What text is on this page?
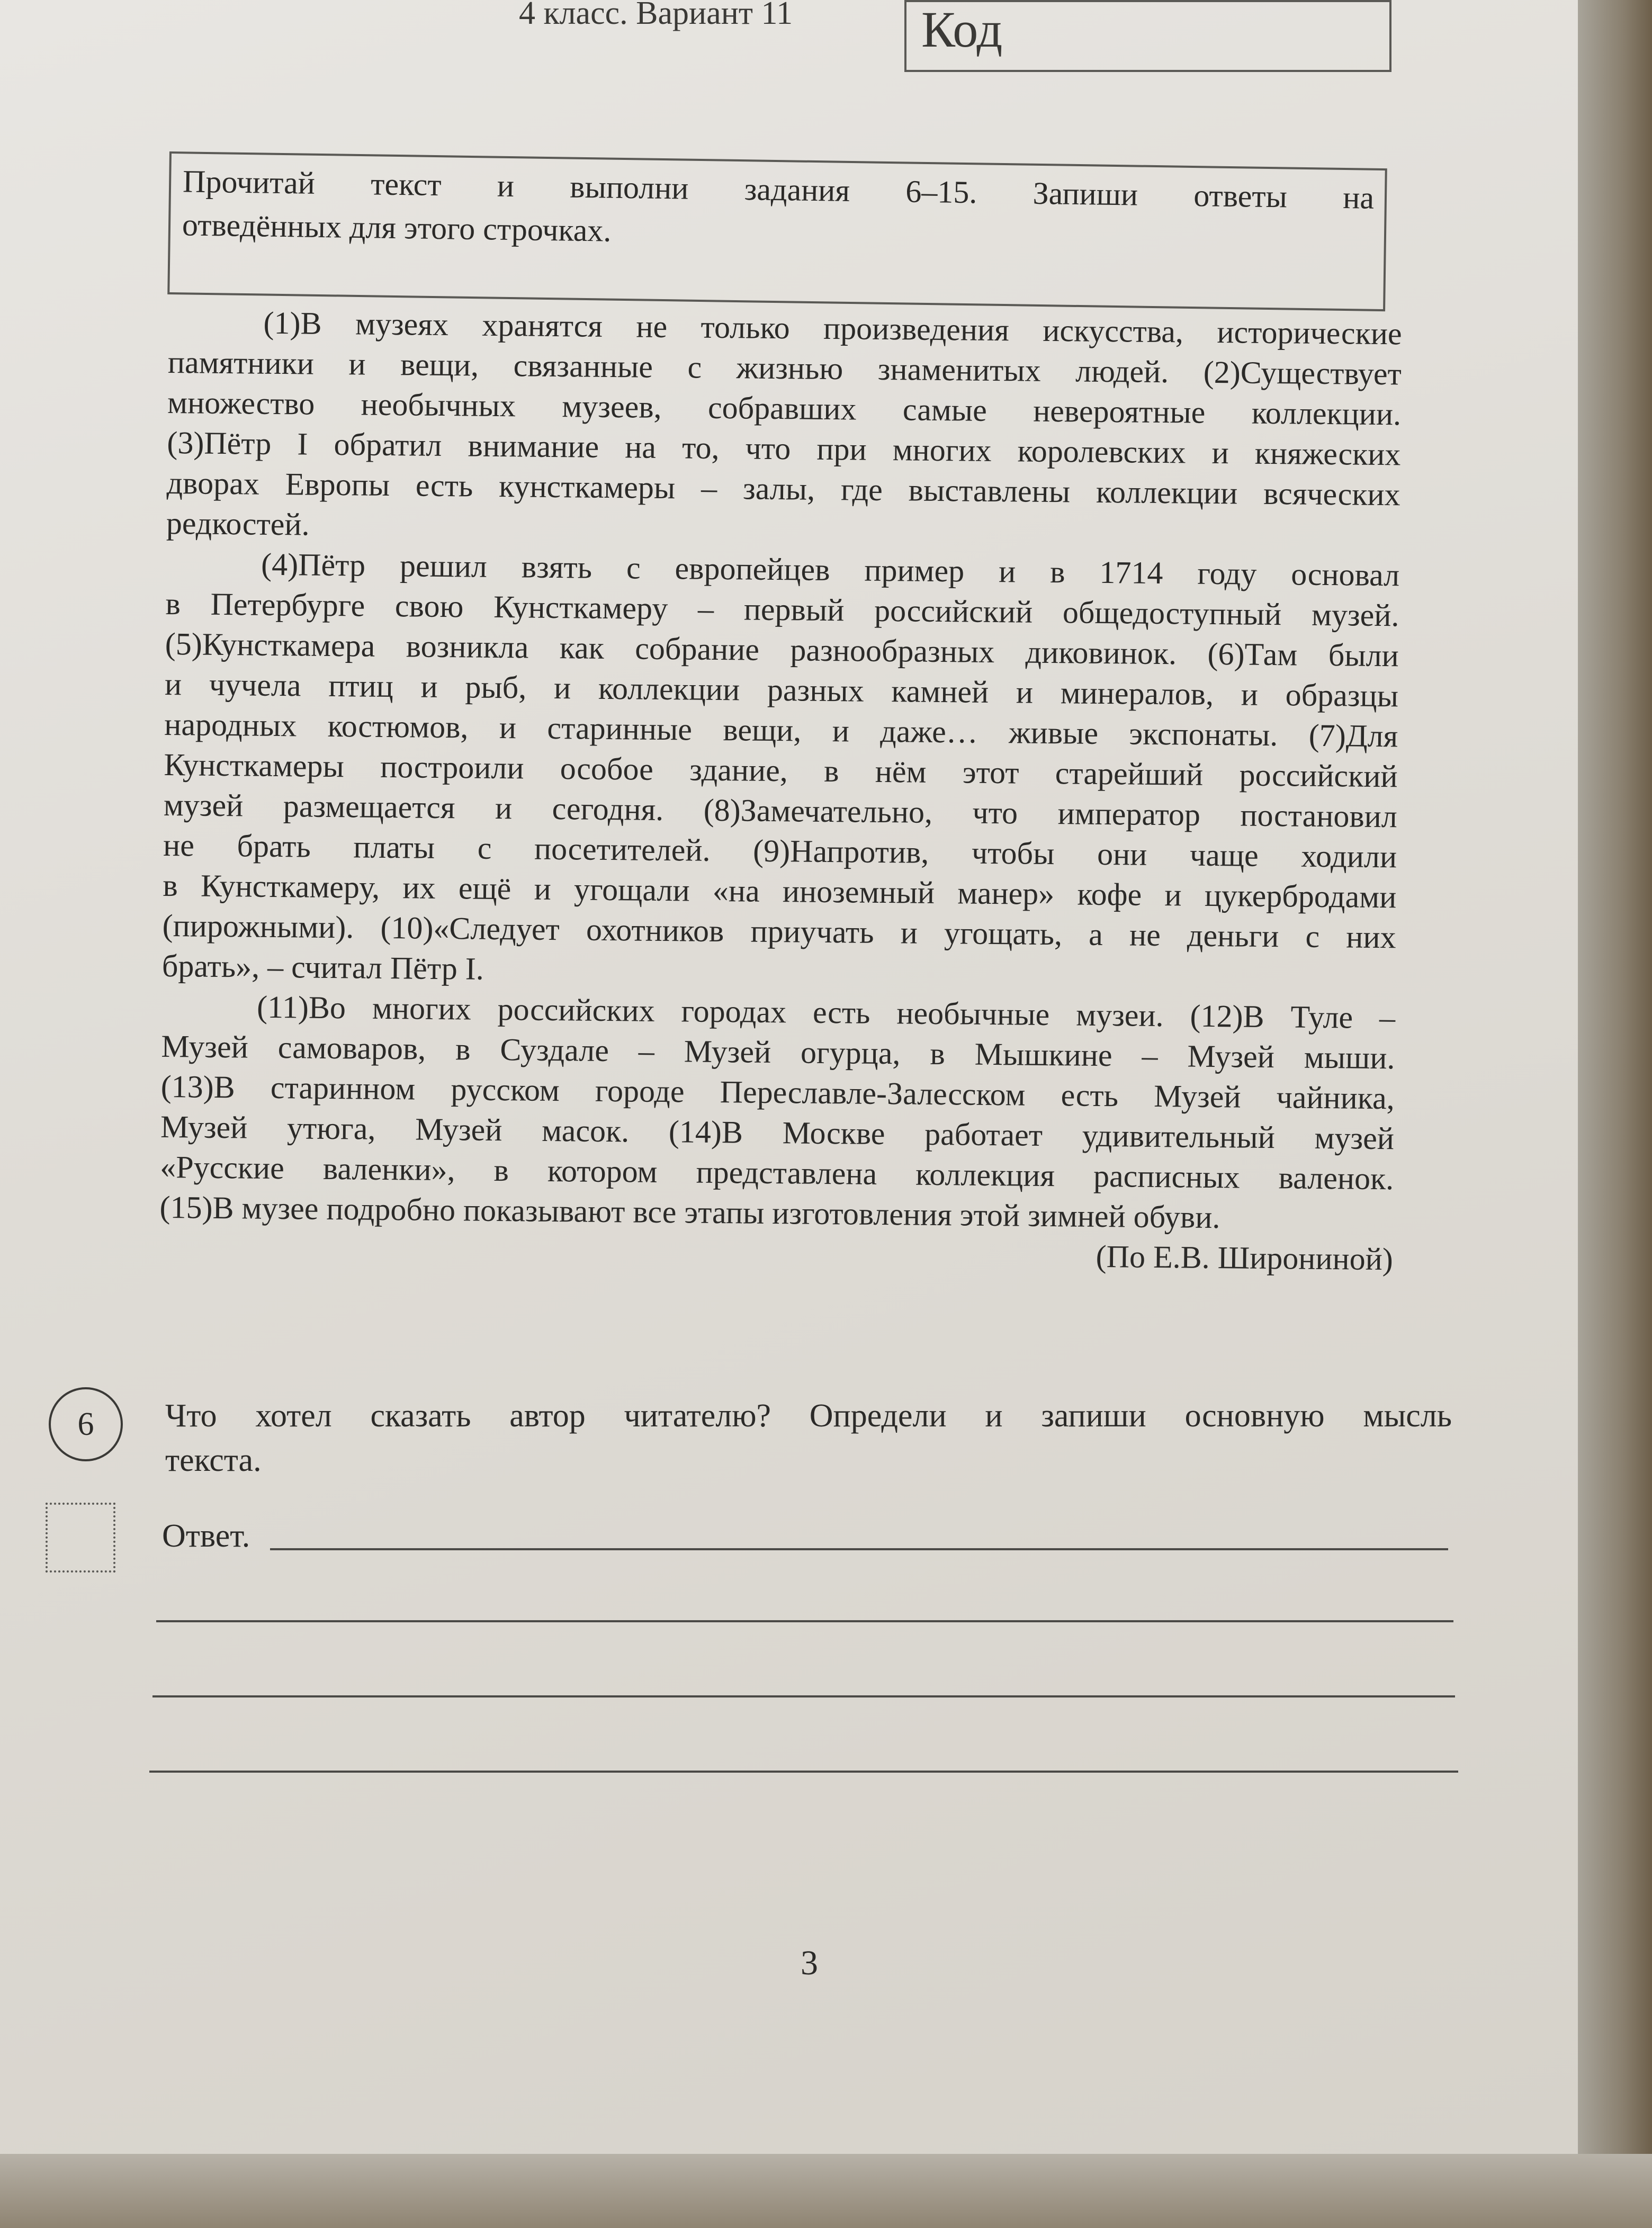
4 класс. Вариант 11	Код
Прочитай текст и выполни задания 6–15. Запиши ответы на
отведённых для этого строчках.
(1)В музеях хранятся не только произведения искусства, исторические
памятники и вещи, связанные с жизнью знаменитых людей. (2)Существует
множество необычных музеев, собравших самые невероятные коллекции.
(3)Пётр I обратил внимание на то, что при многих королевских и княжеских
дворах Европы есть кунсткамеры – залы, где выставлены коллекции всяческих
редкостей.
(4)Пётр решил взять с европейцев пример и в 1714 году основал
в Петербурге свою Кунсткамеру – первый российский общедоступный музей.
(5)Кунсткамера возникла как собрание разнообразных диковинок. (6)Там были
и чучела птиц и рыб, и коллекции разных камней и минералов, и образцы
народных костюмов, и старинные вещи, и даже… живые экспонаты. (7)Для
Кунсткамеры построили особое здание, в нём этот старейший российский
музей размещается и сегодня. (8)Замечательно, что император постановил
не брать платы с посетителей. (9)Напротив, чтобы они чаще ходили
в Кунсткамеру, их ещё и угощали «на иноземный манер» кофе и цукербродами
(пирожными). (10)«Следует охотников приучать и угощать, а не деньги с них
брать», – считал Пётр I.
(11)Во многих российских городах есть необычные музеи. (12)В Туле –
Музей самоваров, в Суздале – Музей огурца, в Мышкине – Музей мыши.
(13)В старинном русском городе Переславле-Залесском есть Музей чайника,
Музей утюга, Музей масок. (14)В Москве работает удивительный музей
«Русские валенки», в котором представлена коллекция расписных валенок.
(15)В музее подробно показывают все этапы изготовления этой зимней обуви.
(По Е.В. Широниной)
6	Что хотел сказать автор читателю? Определи и запиши основную мысль
текста.
Ответ.
3
